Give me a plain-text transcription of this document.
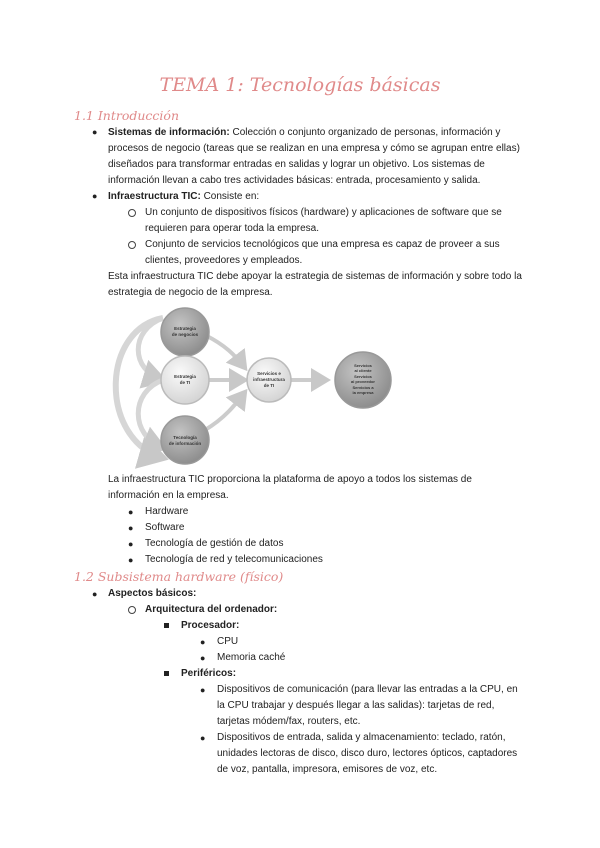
TEMA 1: Tecnologías básicas
1.1 Introducción
● Sistemas de información: Colección o conjunto organizado de personas, información y
procesos de negocio (tareas que se realizan en una empresa y cómo se agrupan entre ellas)
diseñados para transformar entradas en salidas y lograr un objetivo. Los sistemas de
información llevan a cabo tres actividades básicas: entrada, procesamiento y salida.
● Infraestructura TIC: Consiste en:
Un conjunto de dispositivos físicos (hardware) y aplicaciones de software que se
requieren para operar toda la empresa.
Conjunto de servicios tecnológicos que una empresa es capaz de proveer a sus
clientes, proveedores y empleados.
Esta infraestructura TIC debe apoyar la estrategia de sistemas de información y sobre todo la
estrategia de negocio de la empresa.
Estrategia
de negocios
Estrategia
de TI
Tecnología
de información
Servicios e
infraestructura
de TI
Servicios
al cliente
Servicios
al proveedor
Servicios a
la empresa
La infraestructura TIC proporciona la plataforma de apoyo a todos los sistemas de
información en la empresa.
● Hardware
● Software
● Tecnología de gestión de datos
● Tecnología de red y telecomunicaciones
1.2 Subsistema hardware (físico)
● Aspectos básicos:
Arquitectura del ordenador:
Procesador:
● CPU
● Memoria caché
Periféricos:
● Dispositivos de comunicación (para llevar las entradas a la CPU, en
la CPU trabajar y después llegar a las salidas): tarjetas de red,
tarjetas módem/fax, routers, etc.
● Dispositivos de entrada, salida y almacenamiento: teclado, ratón,
unidades lectoras de disco, disco duro, lectores ópticos, captadores
de voz, pantalla, impresora, emisores de voz, etc.
